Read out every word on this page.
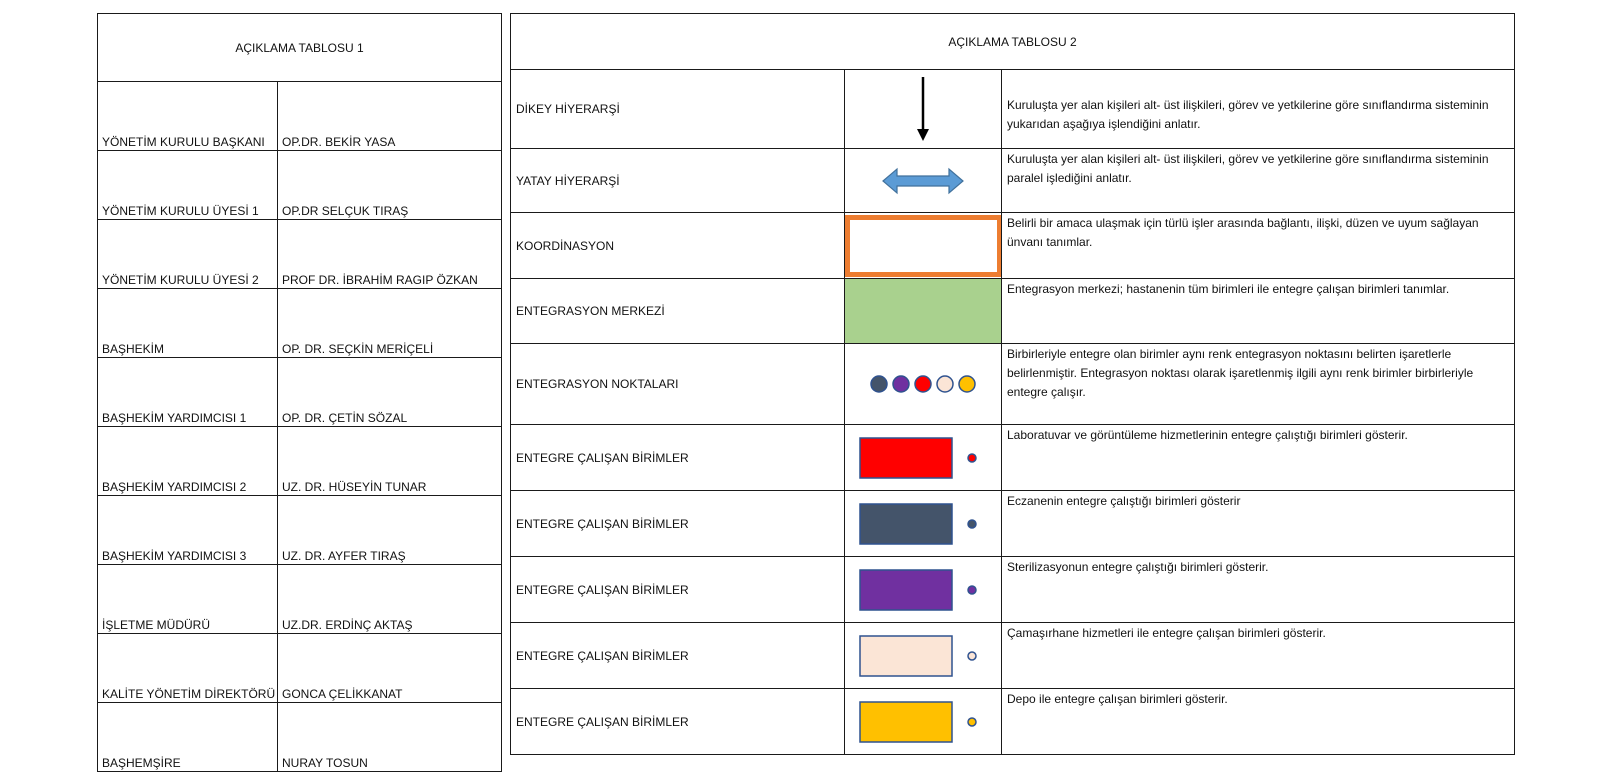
AÇIKLAMA TABLOSU 1	
YÖNETİM KURULU BAŞKANI	OP.DR. BEKİR YASA
YÖNETİM KURULU ÜYESİ 1	OP.DR SELÇUK TIRAŞ
YÖNETİM KURULU ÜYESİ 2	PROF DR. İBRAHİM RAGIP ÖZKAN
BAŞHEKİM	OP. DR. SEÇKİN MERİÇELİ
BAŞHEKİM YARDIMCISI 1	OP. DR. ÇETİN SÖZAL
BAŞHEKİM YARDIMCISI 2	UZ. DR. HÜSEYİN TUNAR
BAŞHEKİM YARDIMCISI 3	UZ. DR. AYFER TIRAŞ
İŞLETME MÜDÜRÜ	UZ.DR. ERDİNÇ AKTAŞ
KALİTE YÖNETİM DİREKTÖRÜ	GONCA ÇELİKKANAT
BAŞHEMŞİRE	NURAY TOSUN
AÇIKLAMA TABLOSU 2		
DİKEY HİYERARŞİ		Kuruluşta yer alan kişileri alt- üst ilişkileri, görev ve yetkilerine göre sınıflandırma sisteminin yukarıdan aşağıya işlendiğini anlatır.
YATAY HİYERARŞİ		Kuruluşta yer alan kişileri alt- üst ilişkileri, görev ve yetkilerine göre sınıflandırma sisteminin paralel işlediğini anlatır.
KOORDİNASYON		Belirli bir amaca ulaşmak için türlü işler arasında bağlantı, ilişki, düzen ve uyum sağlayan ünvanı tanımlar.
ENTEGRASYON MERKEZİ		Entegrasyon merkezi; hastanenin tüm birimleri ile entegre çalışan birimleri tanımlar.
ENTEGRASYON NOKTALARI		Birbirleriyle entegre olan birimler aynı renk entegrasyon noktasını belirten işaretlerle belirlenmiştir. Entegrasyon noktası olarak işaretlenmiş ilgili aynı renk birimler birbirleriyle entegre çalışır.
ENTEGRE ÇALIŞAN BİRİMLER		Laboratuvar ve görüntüleme hizmetlerinin entegre çalıştığı birimleri gösterir.
ENTEGRE ÇALIŞAN BİRİMLER		Eczanenin entegre çalıştığı birimleri gösterir
ENTEGRE ÇALIŞAN BİRİMLER		Sterilizasyonun entegre çalıştığı birimleri gösterir.
ENTEGRE ÇALIŞAN BİRİMLER		Çamaşırhane hizmetleri ile entegre çalışan birimleri gösterir.
ENTEGRE ÇALIŞAN BİRİMLER		Depo ile entegre çalışan birimleri gösterir.
